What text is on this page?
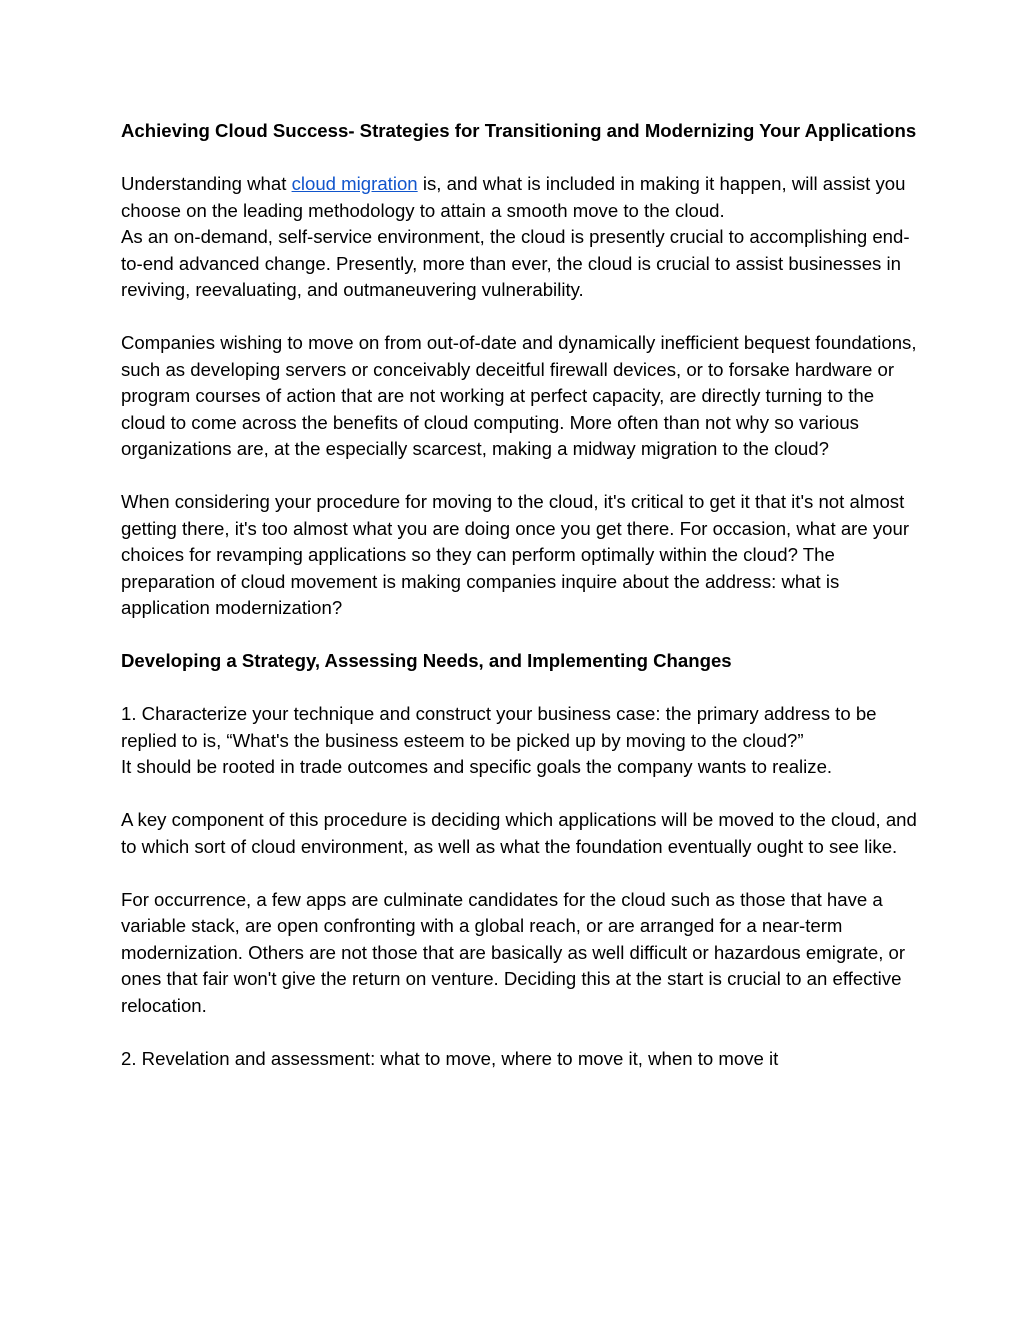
Achieving Cloud Success- Strategies for Transitioning and Modernizing Your Applications

Understanding what cloud migration is, and what is included in making it happen, will assist you choose on the leading methodology to attain a smooth move to the cloud.
As an on-demand, self-service environment, the cloud is presently crucial to accomplishing end-to-end advanced change. Presently, more than ever, the cloud is crucial to assist businesses in reviving, reevaluating, and outmaneuvering vulnerability.

Companies wishing to move on from out-of-date and dynamically inefficient bequest foundations, such as developing servers or conceivably deceitful firewall devices, or to forsake hardware or program courses of action that are not working at perfect capacity, are directly turning to the cloud to come across the benefits of cloud computing. More often than not why so various organizations are, at the especially scarcest, making a midway migration to the cloud?

When considering your procedure for moving to the cloud, it's critical to get it that it's not almost getting there, it's too almost what you are doing once you get there. For occasion, what are your choices for revamping applications so they can perform optimally within the cloud? The preparation of cloud movement is making companies inquire about the address: what is application modernization?

Developing a Strategy, Assessing Needs, and Implementing Changes

1. Characterize your technique and construct your business case: the primary address to be replied to is, “What's the business esteem to be picked up by moving to the cloud?”
It should be rooted in trade outcomes and specific goals the company wants to realize.

A key component of this procedure is deciding which applications will be moved to the cloud, and to which sort of cloud environment, as well as what the foundation eventually ought to see like.

For occurrence, a few apps are culminate candidates for the cloud such as those that have a variable stack, are open confronting with a global reach, or are arranged for a near-term modernization. Others are not those that are basically as well difficult or hazardous emigrate, or ones that fair won't give the return on venture. Deciding this at the start is crucial to an effective relocation.

2. Revelation and assessment: what to move, where to move it, when to move it
